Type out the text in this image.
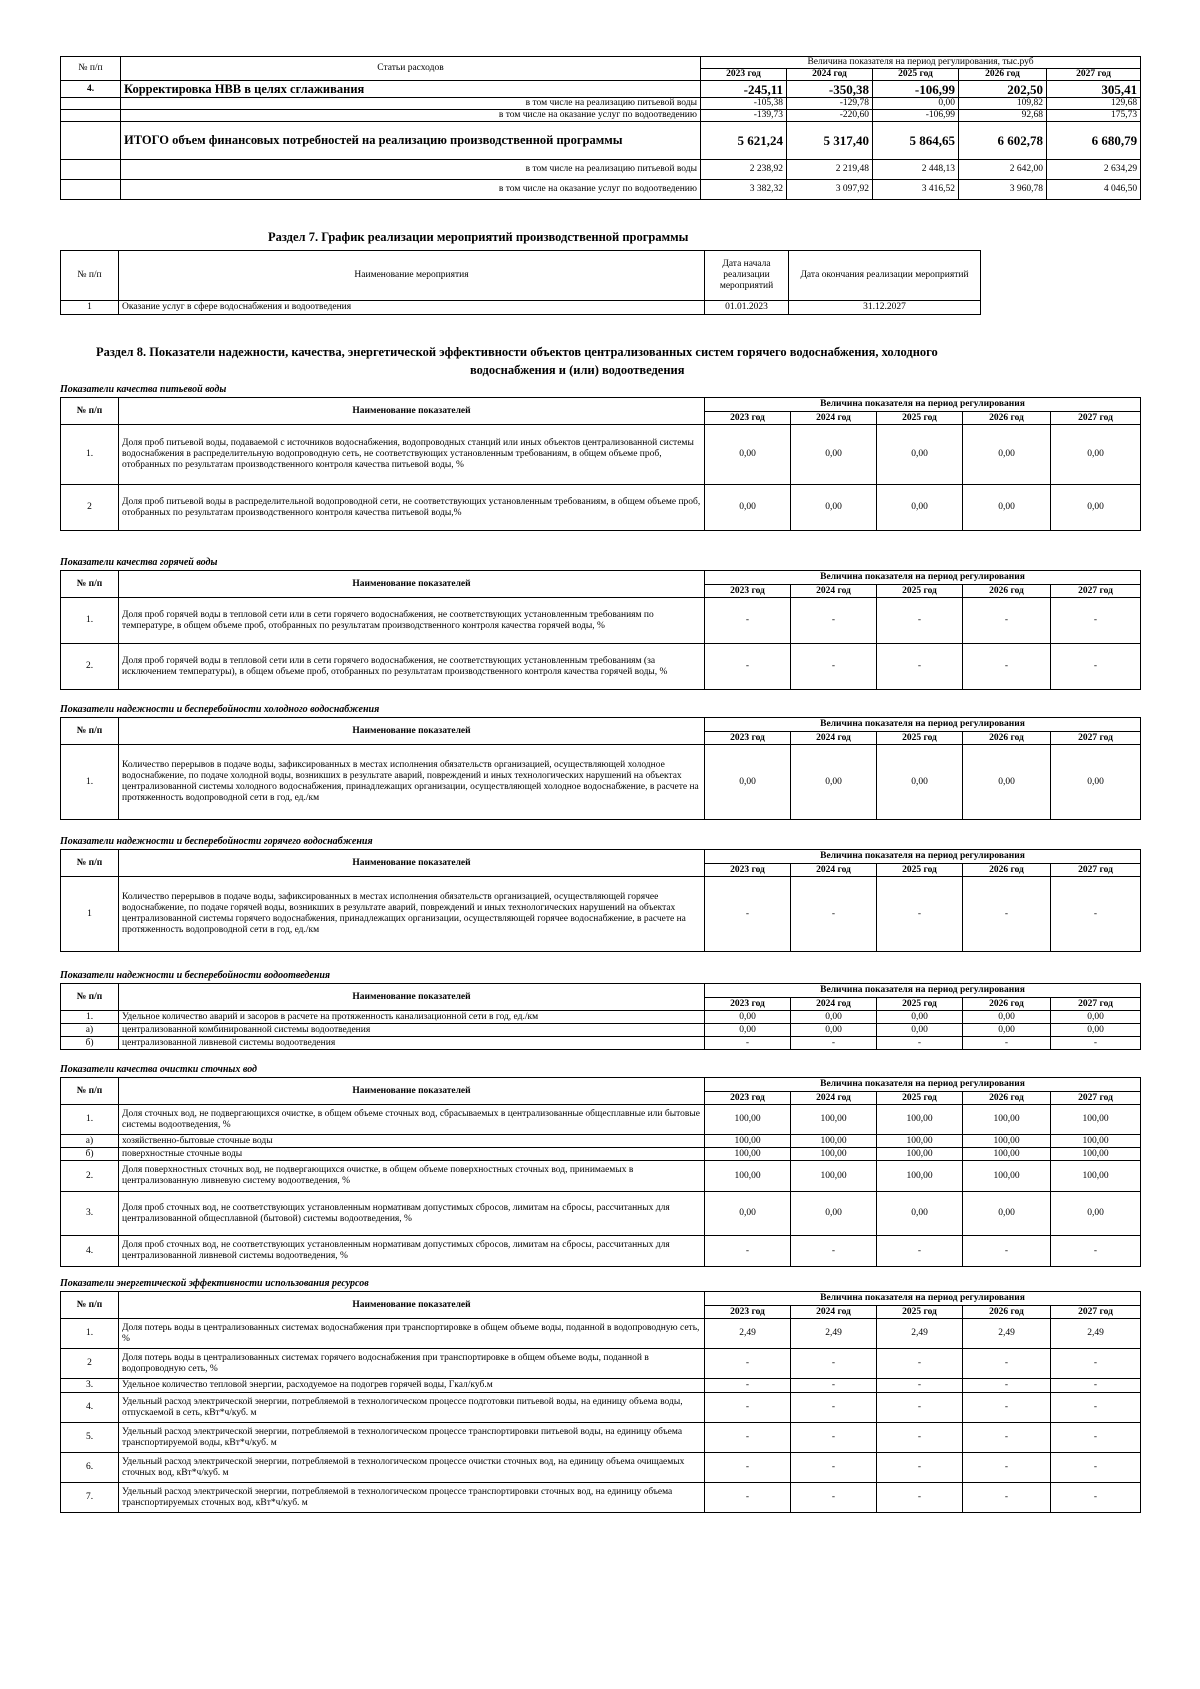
№ п/п	Статьи расходов	Величина показателя на период регулирования, тыс.руб				
		2023 год	2024 год	2025 год	2026 год	2027 год
4.	Корректировка НВВ в целях сглаживания	-245,11	-350,38	-106,99	202,50	305,41
	в том числе на реализацию питьевой воды	-105,38	-129,78	0,00	109,82	129,68
	в том числе на оказание услуг по водоотведению	-139,73	-220,60	-106,99	92,68	175,73
	ИТОГО объем финансовых потребностей на реализацию производственной программы	5 621,24	5 317,40	5 864,65	6 602,78	6 680,79
	в том числе на реализацию питьевой воды	2 238,92	2 219,48	2 448,13	2 642,00	2 634,29
	в том числе на оказание услуг по водоотведению	3 382,32	3 097,92	3 416,52	3 960,78	4 046,50
Раздел 7. График реализации мероприятий производственной программы
№ п/п	Наименование мероприятия	Дата начала реализации мероприятий	Дата окончания реализации мероприятий
1	Оказание услуг в сфере водоснабжения и водоотведения	01.01.2023	31.12.2027
Раздел 8. Показатели надежности, качества, энергетической эффективности объектов централизованных систем горячего водоснабжения, холодного
водоснабжения и (или) водоотведения
Показатели качества питьевой воды
№ п/п	Наименование показателей	Величина показателя на период регулирования				
		2023 год	2024 год	2025 год	2026 год	2027 год
1.	Доля проб питьевой воды, подаваемой с источников водоснабжения, водопроводных станций или иных объектов централизованной системы водоснабжения в распределительную водопроводную сеть, не соответствующих установленным требованиям, в общем объеме проб, отобранных по результатам производственного контроля качества питьевой воды, %	0,00	0,00	0,00	0,00	0,00
2	Доля проб питьевой воды в распределительной водопроводной сети, не соответствующих установленным требованиям, в общем объеме проб, отобранных по результатам производственного контроля качества питьевой воды,%	0,00	0,00	0,00	0,00	0,00
Показатели качества горячей воды
№ п/п	Наименование показателей	Величина показателя на период регулирования				
		2023 год	2024 год	2025 год	2026 год	2027 год
1.	Доля проб горячей воды в тепловой сети или в сети горячего водоснабжения, не соответствующих установленным требованиям по температуре, в общем объеме проб, отобранных по результатам производственного контроля качества горячей воды, %	-	-	-	-	-
2.	Доля проб горячей воды в тепловой сети или в сети горячего водоснабжения, не соответствующих установленным требованиям (за исключением температуры), в общем объеме проб, отобранных по результатам производственного контроля качества горячей воды, %	-	-	-	-	-
Показатели надежности и бесперебойности холодного водоснабжения
№ п/п	Наименование показателей	Величина показателя на период регулирования				
		2023 год	2024 год	2025 год	2026 год	2027 год
1.	Количество перерывов в подаче воды, зафиксированных в местах исполнения обязательств организацией, осуществляющей холодное водоснабжение, по подаче холодной воды, возникших в результате аварий, повреждений и иных технологических нарушений на объектах централизованной системы холодного водоснабжения, принадлежащих организации, осуществляющей холодное водоснабжение, в расчете на протяженность водопроводной сети в год, ед./км	0,00	0,00	0,00	0,00	0,00
Показатели надежности и бесперебойности горячего водоснабжения
№ п/п	Наименование показателей	Величина показателя на период регулирования				
		2023 год	2024 год	2025 год	2026 год	2027 год
1	Количество перерывов в подаче воды, зафиксированных в местах исполнения обязательств организацией, осуществляющей горячее водоснабжение, по подаче горячей воды, возникших в результате аварий, повреждений и иных технологических нарушений на объектах централизованной системы горячего водоснабжения, принадлежащих организации, осуществляющей горячее водоснабжение, в расчете на протяженность водопроводной сети в год, ед./км	-	-	-	-	-
Показатели надежности и бесперебойности водоотведения
№ п/п	Наименование показателей	Величина показателя на период регулирования				
		2023 год	2024 год	2025 год	2026 год	2027 год
1.	Удельное количество аварий и засоров в расчете на протяженность канализационной сети в год, ед./км	0,00	0,00	0,00	0,00	0,00
а)	централизованной комбинированной системы водоотведения	0,00	0,00	0,00	0,00	0,00
б)	централизованной ливневой системы водоотведения	-	-	-	-	-
Показатели качества очистки сточных вод
№ п/п	Наименование показателей	Величина показателя на период регулирования				
		2023 год	2024 год	2025 год	2026 год	2027 год
1.	Доля сточных вод, не подвергающихся очистке, в общем объеме сточных вод, сбрасываемых в централизованные общесплавные или бытовые системы водоотведения, %	100,00	100,00	100,00	100,00	100,00
а)	хозяйственно-бытовые сточные воды	100,00	100,00	100,00	100,00	100,00
б)	поверхностные сточные воды	100,00	100,00	100,00	100,00	100,00
2.	Доля поверхностных сточных вод, не подвергающихся очистке, в общем объеме поверхностных сточных вод, принимаемых в централизованную ливневую систему водоотведения, %	100,00	100,00	100,00	100,00	100,00
3.	Доля проб сточных вод, не соответствующих установленным нормативам допустимых сбросов, лимитам на сбросы, рассчитанных для централизованной общесплавной (бытовой) системы водоотведения, %	0,00	0,00	0,00	0,00	0,00
4.	Доля проб сточных вод, не соответствующих установленным нормативам допустимых сбросов, лимитам на сбросы, рассчитанных для централизованной ливневой системы водоотведения, %	-	-	-	-	-
Показатели энергетической эффективности использования ресурсов
№ п/п	Наименование показателей	Величина показателя на период регулирования				
		2023 год	2024 год	2025 год	2026 год	2027 год
1.	Доля потерь воды в централизованных системах водоснабжения при транспортировке в общем объеме воды, поданной в водопроводную сеть, %	2,49	2,49	2,49	2,49	2,49
2	Доля потерь воды в централизованных системах горячего водоснабжения при транспортировке в общем объеме воды, поданной в водопроводную сеть, %	-	-	-	-	-
3.	Удельное количество тепловой энергии, расходуемое на подогрев горячей воды, Гкал/куб.м	-	-	-	-	-
4.	Удельный расход электрической энергии, потребляемой в технологическом процессе подготовки питьевой воды, на единицу объема воды, отпускаемой в сеть, кВт*ч/куб. м	-	-	-	-	-
5.	Удельный расход электрической энергии, потребляемой в технологическом процессе транспортировки питьевой воды, на единицу объема транспортируемой воды, кВт*ч/куб. м	-	-	-	-	-
6.	Удельный расход электрической энергии, потребляемой в технологическом процессе очистки сточных вод, на единицу объема очищаемых сточных вод, кВт*ч/куб. м	-	-	-	-	-
7.	Удельный расход электрической энергии, потребляемой в технологическом процессе транспортировки сточных вод, на единицу объема транспортируемых сточных вод, кВт*ч/куб. м	-	-	-	-	-
